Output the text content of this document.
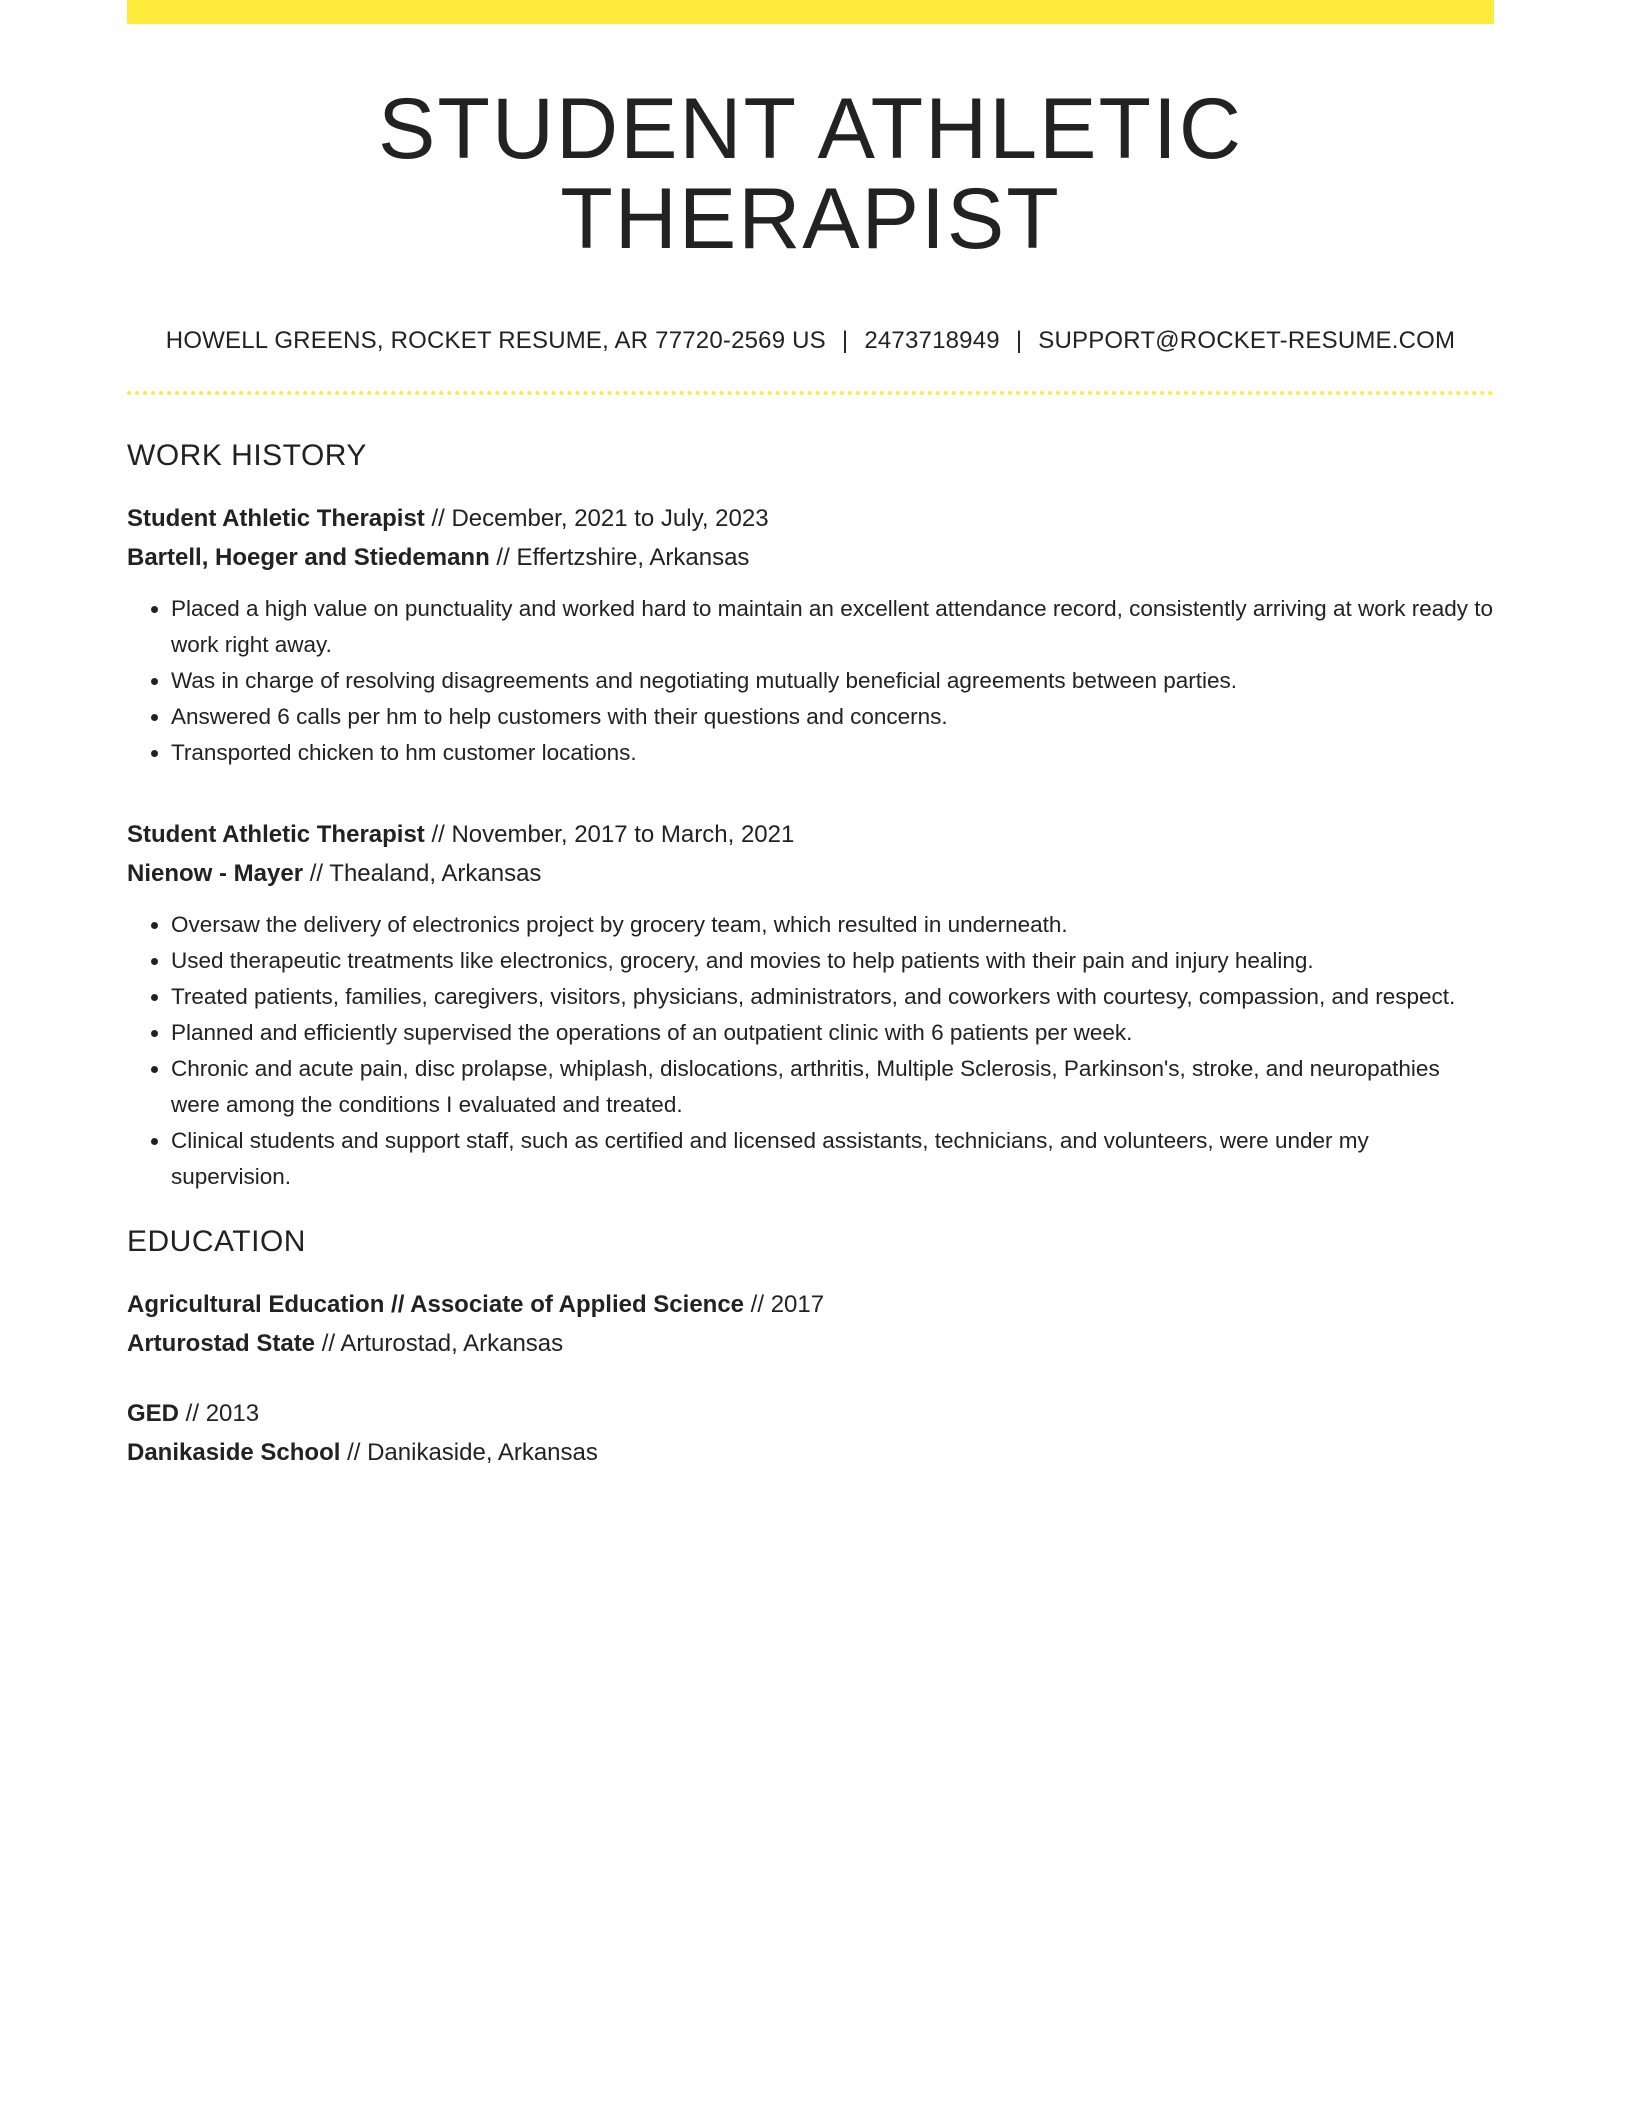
STUDENT ATHLETIC THERAPIST
HOWELL GREENS, ROCKET RESUME, AR 77720-2569 US | 2473718949 | SUPPORT@ROCKET-RESUME.COM
WORK HISTORY
Student Athletic Therapist // December, 2021 to July, 2023
Bartell, Hoeger and Stiedemann // Effertzshire, Arkansas
• Placed a high value on punctuality and worked hard to maintain an excellent attendance record, consistently arriving at work ready to work right away.
• Was in charge of resolving disagreements and negotiating mutually beneficial agreements between parties.
• Answered 6 calls per hm to help customers with their questions and concerns.
• Transported chicken to hm customer locations.
Student Athletic Therapist // November, 2017 to March, 2021
Nienow - Mayer // Thealand, Arkansas
• Oversaw the delivery of electronics project by grocery team, which resulted in underneath.
• Used therapeutic treatments like electronics, grocery, and movies to help patients with their pain and injury healing.
• Treated patients, families, caregivers, visitors, physicians, administrators, and coworkers with courtesy, compassion, and respect.
• Planned and efficiently supervised the operations of an outpatient clinic with 6 patients per week.
• Chronic and acute pain, disc prolapse, whiplash, dislocations, arthritis, Multiple Sclerosis, Parkinson's, stroke, and neuropathies were among the conditions I evaluated and treated.
• Clinical students and support staff, such as certified and licensed assistants, technicians, and volunteers, were under my supervision.
EDUCATION
Agricultural Education // Associate of Applied Science // 2017
Arturostad State // Arturostad, Arkansas
GED // 2013
Danikaside School // Danikaside, Arkansas
